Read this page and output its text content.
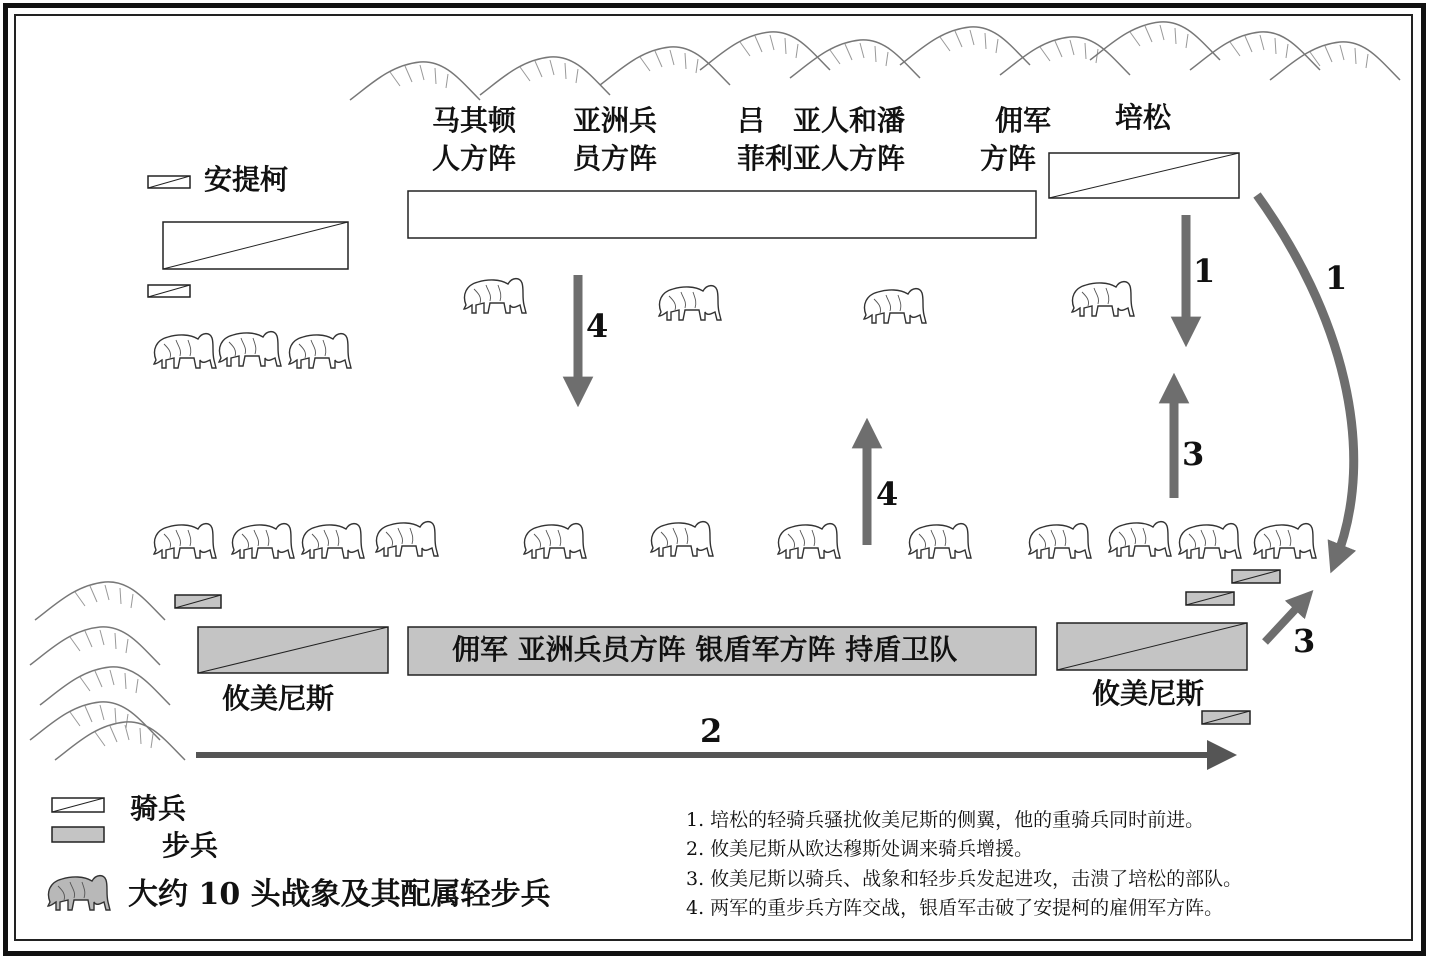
马其顿
人方阵
亚洲兵
员方阵
吕　亚人和潘
菲利亚人方阵
佣军
方阵
培松
安提柯
佣军 亚洲兵员方阵 银盾军方阵 持盾卫队
攸美尼斯	攸美尼斯
4
1	1
3
4
3
2
骑兵
步兵
大约 10 头战象及其配属轻步兵
1. 培松的轻骑兵骚扰攸美尼斯的侧翼，他的重骑兵同时前进。
2. 攸美尼斯从欧达穆斯处调来骑兵增援。
3. 攸美尼斯以骑兵、战象和轻步兵发起进攻，击溃了培松的部队。
4. 两军的重步兵方阵交战，银盾军击破了安提柯的雇佣军方阵。
